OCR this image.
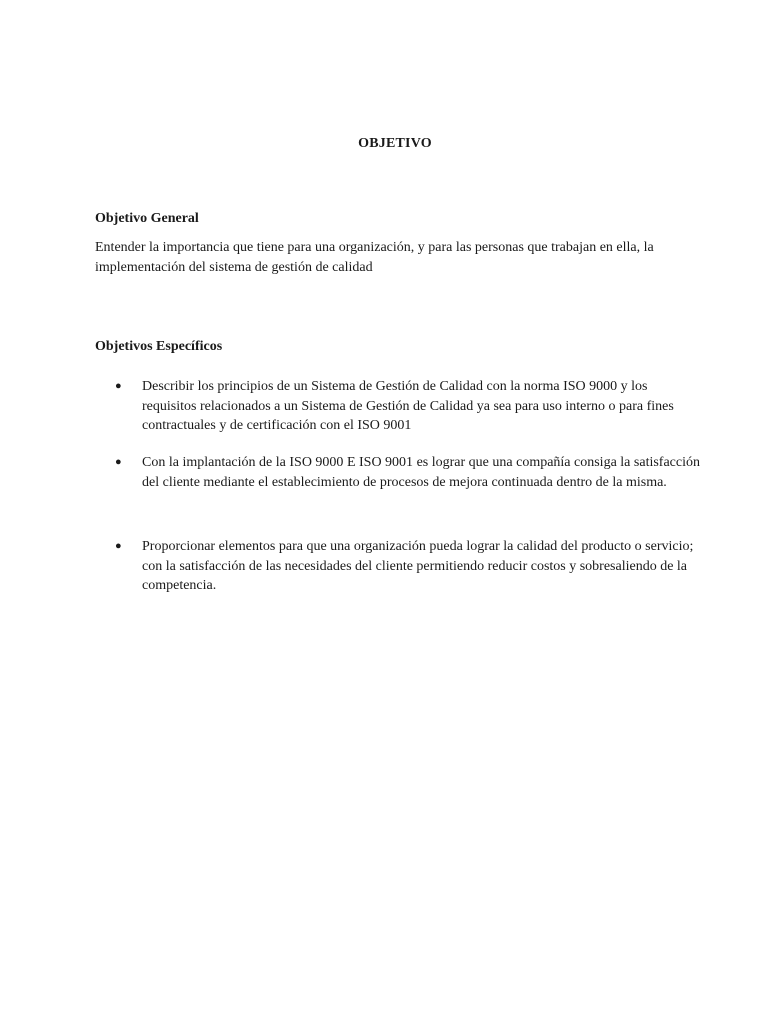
OBJETIVO
Objetivo General
Entender la importancia que tiene para una organización, y para las personas que trabajan en ella, la implementación del sistema de gestión de calidad
Objetivos Específicos
● Describir los principios de un Sistema de Gestión de Calidad con la norma ISO 9000 y los requisitos relacionados a un Sistema de Gestión de Calidad ya sea para uso interno o para fines contractuales y de certificación con el ISO 9001
● Con la implantación de la ISO 9000 E ISO 9001 es lograr que una compañía consiga la satisfacción del cliente mediante el establecimiento de procesos de mejora continuada dentro de la misma.
● Proporcionar elementos para que una organización pueda lograr la calidad del producto o servicio; con la satisfacción de las necesidades del cliente permitiendo reducir costos y sobresaliendo de la competencia.
